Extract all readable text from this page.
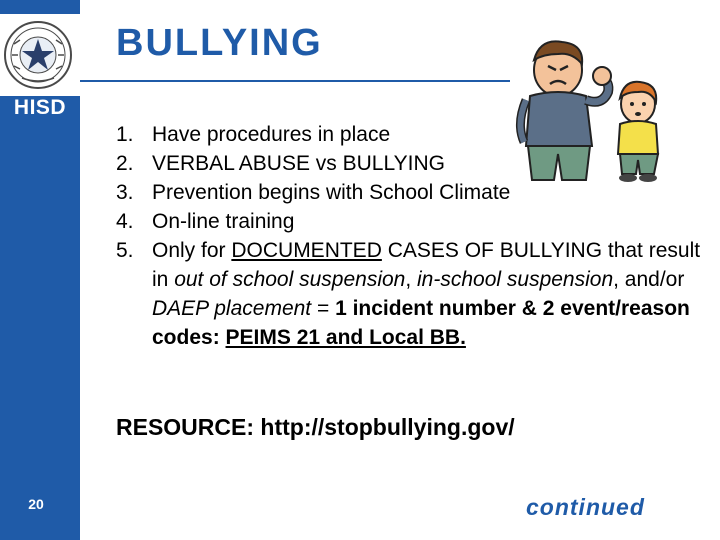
HISD
20
BULLYING
1. Have procedures in place
2. VERBAL ABUSE vs BULLYING
3. Prevention begins with School Climate
4. On-line training
5. Only for DOCUMENTED CASES OF BULLYING that result in out of school suspension, in-school suspension, and/or DAEP placement = 1 incident number & 2 event/reason codes: PEIMS 21 and Local BB.
RESOURCE: http://stopbullying.gov/
continued
